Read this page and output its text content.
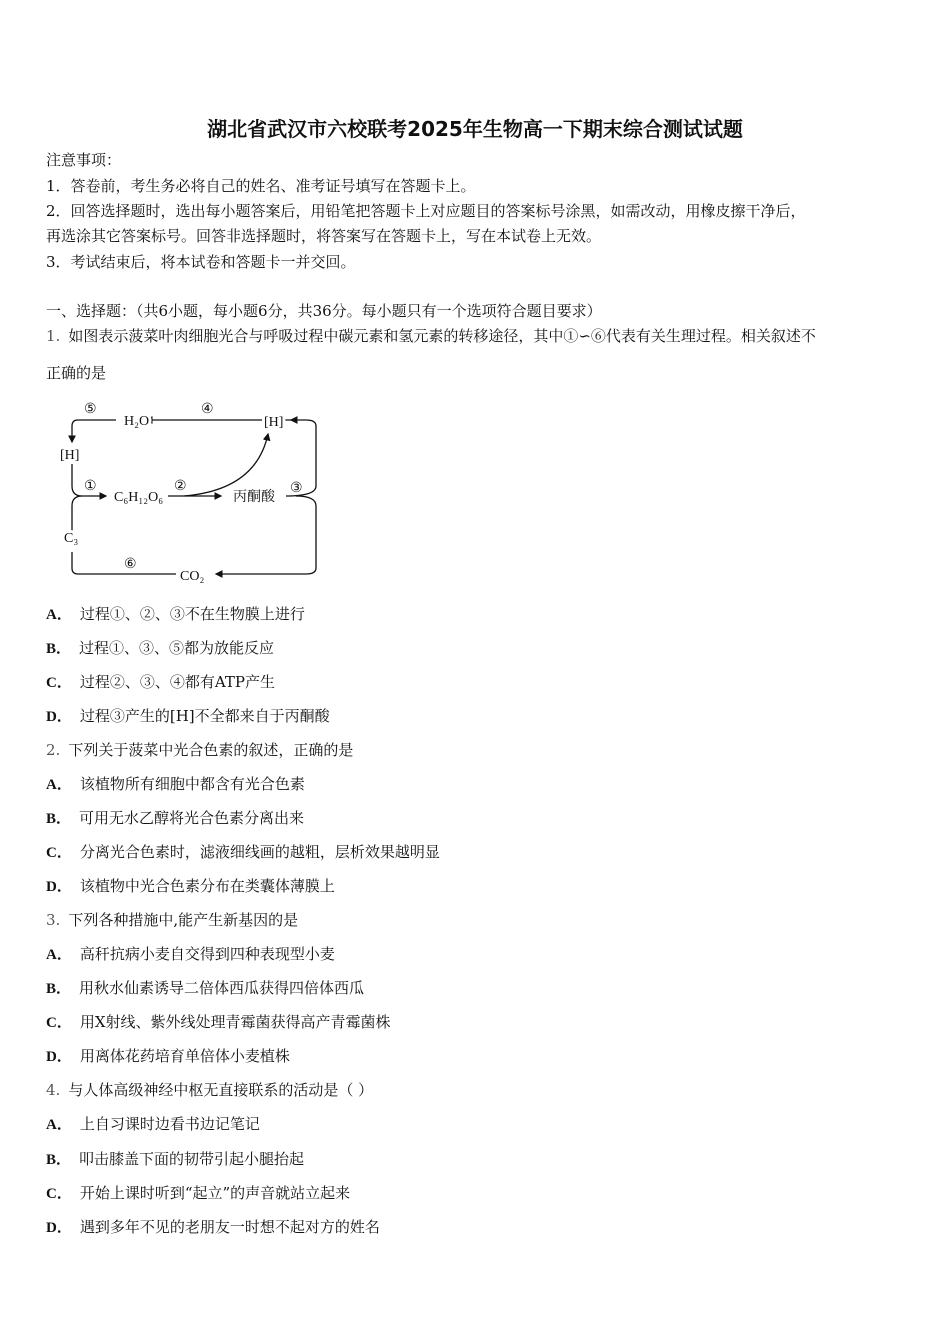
湖北省武汉市六校联考2025年生物高一下期末综合测试试题
注意事项：
1．答卷前，考生务必将自己的姓名、准考证号填写在答题卡上。
2．回答选择题时，选出每小题答案后，用铅笔把答题卡上对应题目的答案标号涂黑，如需改动，用橡皮擦干净后，
再选涂其它答案标号。回答非选择题时，将答案写在答题卡上，写在本试卷上无效。
3．考试结束后，将本试卷和答题卡一并交回。
一、选择题：（共6小题，每小题6分，共36分。每小题只有一个选项符合题目要求）
1. 如图表示菠菜叶肉细胞光合与呼吸过程中碳元素和氢元素的转移途径，其中①∽⑥代表有关生理过程。相关叙述不
正确的是
⑤
H₂O
④
[H]
[H]
①
C₆H₁₂O₆
②
丙酮酸
③
C₃
⑥
CO₂
A． 过程①、②、③不在生物膜上进行
B． 过程①、③、⑤都为放能反应
C． 过程②、③、④都有ATP产生
D． 过程③产生的[H]不全都来自于丙酮酸
2. 下列关于菠菜中光合色素的叙述，正确的是
A． 该植物所有细胞中都含有光合色素
B． 可用无水乙醇将光合色素分离出来
C． 分离光合色素时，滤液细线画的越粗，层析效果越明显
D． 该植物中光合色素分布在类囊体薄膜上
3. 下列各种措施中,能产生新基因的是
A． 高秆抗病小麦自交得到四种表现型小麦
B． 用秋水仙素诱导二倍体西瓜获得四倍体西瓜
C． 用X射线、紫外线处理青霉菌获得高产青霉菌株
D． 用离体花药培育单倍体小麦植株
4. 与人体高级神经中枢无直接联系的活动是（ ）
A． 上自习课时边看书边记笔记
B． 叩击膝盖下面的韧带引起小腿抬起
C． 开始上课时听到“起立”的声音就站立起来
D． 遇到多年不见的老朋友一时想不起对方的姓名
